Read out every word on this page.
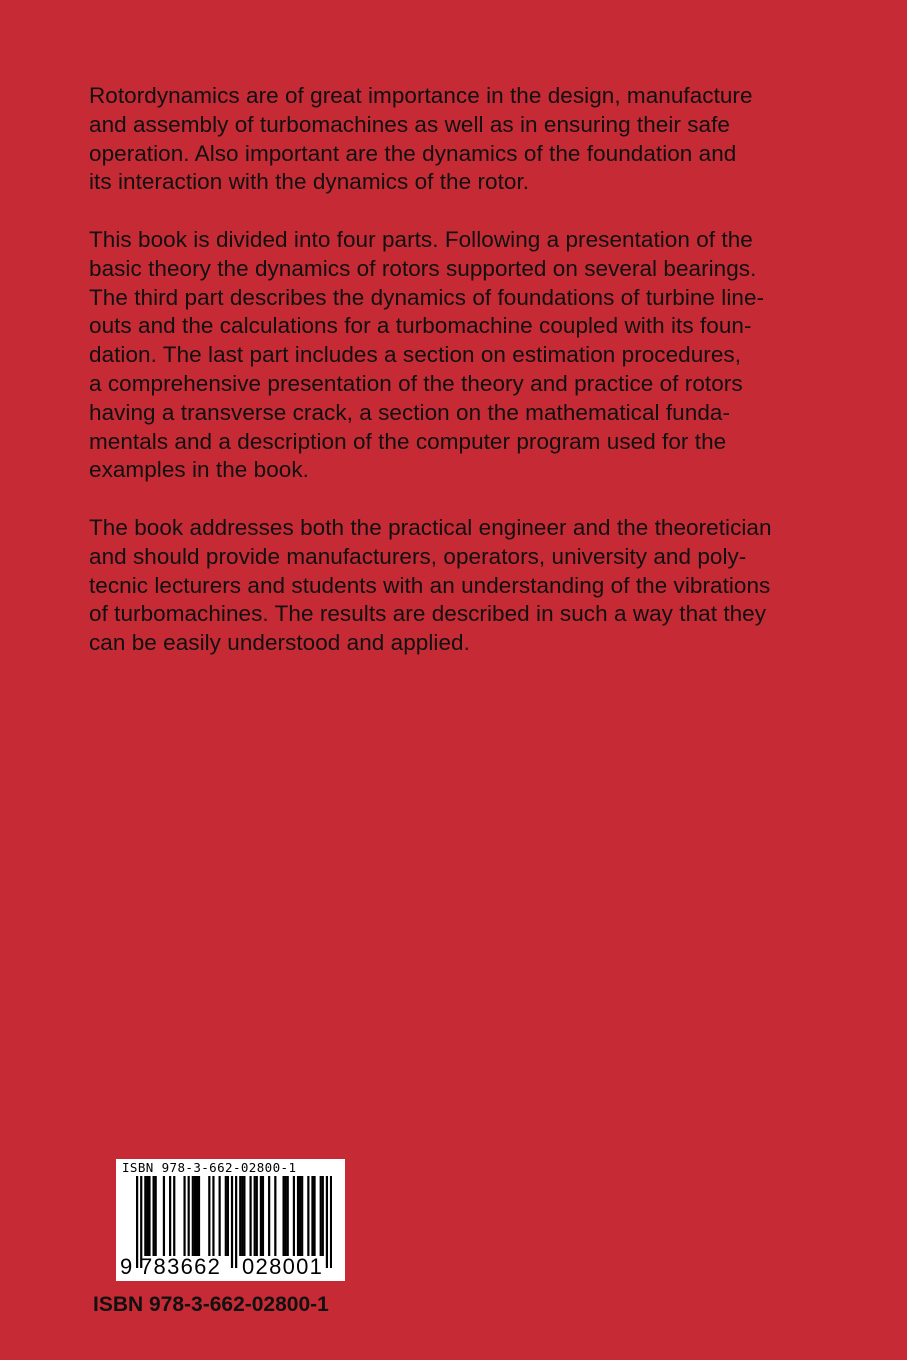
Rotordynamics are of great importance in the design, manufacture
and assembly of turbomachines as well as in ensuring their safe
operation. Also important are the dynamics of the foundation and
its interaction with the dynamics of the rotor.

This book is divided into four parts. Following a presentation of the
basic theory the dynamics of rotors supported on several bearings.
The third part describes the dynamics of foundations of turbine line-
outs and the calculations for a turbomachine coupled with its foun-
dation. The last part includes a section on estimation procedures,
a comprehensive presentation of the theory and practice of rotors
having a transverse crack, a section on the mathematical funda-
mentals and a description of the computer program used for the
examples in the book.

The book addresses both the practical engineer and the theoretician
and should provide manufacturers, operators, university and poly-
tecnic lecturers and students with an understanding of the vibrations
of turbomachines. The results are described in such a way that they
can be easily understood and applied.

ISBN 978-3-662-02800-1
9 783662 028001
ISBN 978-3-662-02800-1
